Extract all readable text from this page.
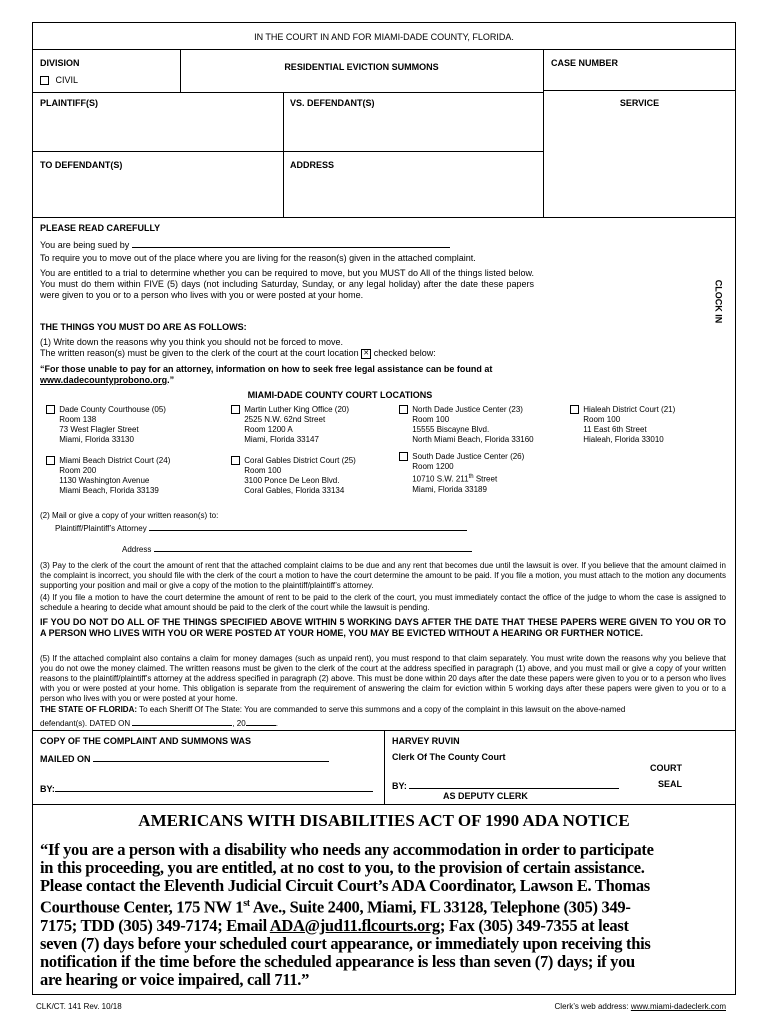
IN THE COURT IN AND FOR MIAMI-DADE COUNTY, FLORIDA.
DIVISION
CIVIL
RESIDENTIAL EVICTION SUMMONS	CASE NUMBER
PLAINTIFF(S)	VS. DEFENDANT(S)	SERVICE
TO DEFENDANT(S)	ADDRESS
CLOCK IN
PLEASE READ CAREFULLY
You are being sued by
To require you to move out of the place where you are living for the reason(s) given in the attached complaint.
You are entitled to a trial to determine whether you can be required to move, but you MUST do All of the things listed below. You must do them within FIVE (5) days (not including Saturday, Sunday, or any legal holiday) after the date these papers were given to you or to a person who lives with you or were posted at your home.
THE THINGS YOU MUST DO ARE AS FOLLOWS:
(1) Write down the reasons why you think you should not be forced to move.
The written reason(s) must be given to the clerk of the court at the court location ✕ checked below:
“For those unable to pay for an attorney, information on how to seek free legal assistance can be found at www.dadecountyprobono.org.”
MIAMI-DADE COUNTY COURT LOCATIONS

Dade County Courthouse (05)
Room 138
73 West Flagler Street
Miami, Florida 33130

Martin Luther King Office (20)
2525 N.W. 62nd Street
Room 1200 A
Miami, Florida 33147

North Dade Justice Center (23)
Room 100
15555 Biscayne Blvd.
North Miami Beach, Florida 33160

Hialeah District Court (21)
Room 100
11 East 6th Street
Hialeah, Florida 33010

Miami Beach District Court (24)
Room 200
1130 Washington Avenue
Miami Beach, Florida 33139

Coral Gables District Court (25)
Room 100
3100 Ponce De Leon Blvd.
Coral Gables, Florida 33134

South Dade Justice Center (26)
Room 1200
10710 S.W. 211th Street
Miami, Florida 33189
(2) Mail or give a copy of your written reason(s) to:
Plaintiff/Plaintiff’s Attorney
Address
(3) Pay to the clerk of the court the amount of rent that the attached complaint claims to be due and any rent that becomes due until the lawsuit is over. If you believe that the amount claimed in the complaint is incorrect, you should file with the clerk of the court a motion to have the court determine the amount to be paid. If you file a motion, you must attach to the motion any documents supporting your position and mail or give a copy of the motion to the plaintiff/plaintiff’s attorney.
(4) If you file a motion to have the court determine the amount of rent to be paid to the clerk of the court, you must immediately contact the office of the judge to whom the case is assigned to schedule a hearing to decide what amount should be paid to the clerk of the court while the lawsuit is pending.
IF YOU DO NOT DO ALL OF THE THINGS SPECIFIED ABOVE WITHIN 5 WORKING DAYS AFTER THE DATE THAT THESE PAPERS WERE GIVEN TO YOU OR TO A PERSON WHO LIVES WITH YOU OR WERE POSTED AT YOUR HOME, YOU MAY BE EVICTED WITHOUT A HEARING OR FURTHER NOTICE.
(5) If the attached complaint also contains a claim for money damages (such as unpaid rent), you must respond to that claim separately. You must write down the reasons why you believe that you do not owe the money claimed. The written reasons must be given to the clerk of the court at the address specified in paragraph (1) above, and you must mail or give a copy of your written reasons to the plaintiff/plaintiff’s attorney at the address specified in paragraph (2) above. This must be done within 20 days after the date these papers were given to you or to a person who lives with you or were posted at your home. This obligation is separate from the requirement of answering the claim for eviction within 5 working days after these papers were given to you or to a person who lives with you or were posted at your home.
THE STATE OF FLORIDA: To each Sheriff Of The State: You are commanded to serve this summons and a copy of the complaint in this lawsuit on the above-named
defendant(s). DATED ON	, 20	.
COPY OF THE COMPLAINT AND SUMMONS WAS
MAILED ON
BY:
HARVEY RUVIN
Clerk Of The County Court
BY:
AS DEPUTY CLERK
COURT
SEAL
AMERICANS WITH DISABILITIES ACT OF 1990 ADA NOTICE
“If you are a person with a disability who needs any accommodation in order to participate
in this proceeding, you are entitled, at no cost to you, to the provision of certain assistance.
Please contact the Eleventh Judicial Circuit Court’s ADA Coordinator, Lawson E. Thomas
Courthouse Center, 175 NW 1st Ave., Suite 2400, Miami, FL 33128, Telephone (305) 349-
7175; TDD (305) 349-7174; Email ADA@jud11.flcourts.org; Fax (305) 349-7355 at least
seven (7) days before your scheduled court appearance, or immediately upon receiving this
notification if the time before the scheduled appearance is less than seven (7) days; if you
are hearing or voice impaired, call 711.”
CLK/CT. 141 Rev. 10/18	Clerk’s web address: www.miami-dadeclerk.com
